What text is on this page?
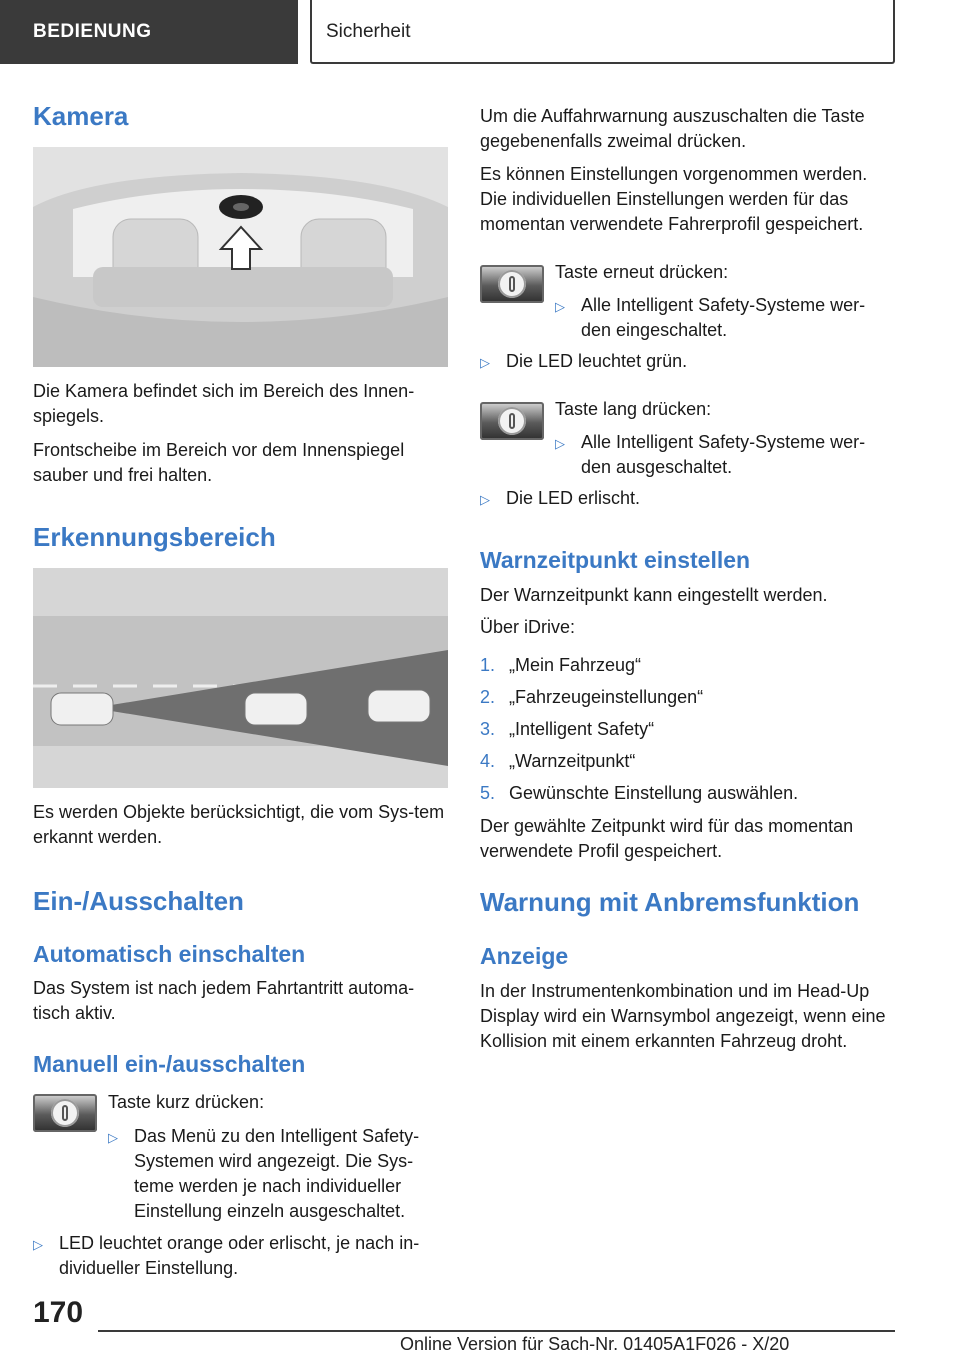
BEDIENUNG	Sicherheit
Kamera

Die Kamera befindet sich im Bereich des Innen-spiegels.

Frontscheibe im Bereich vor dem Innenspiegel sauber und frei halten.

Erkennungsbereich

Es werden Objekte berücksichtigt, die vom Sys-tem erkannt werden.

Ein-/Ausschalten
Automatisch einschalten

Das System ist nach jedem Fahrtantritt automa-tisch aktiv.

Manuell ein-/ausschalten

Taste kurz drücken:

▷ Das Menü zu den Intelligent Safety-Systemen wird angezeigt. Die Sys-teme werden je nach individueller Einstellung einzeln ausgeschaltet.
▷ LED leuchtet orange oder erlischt, je nach in-dividueller Einstellung.

Um die Auffahrwarnung auszuschalten die Taste gegebenenfalls zweimal drücken.

Es können Einstellungen vorgenommen werden. Die individuellen Einstellungen werden für das momentan verwendete Fahrerprofil gespeichert.

Taste erneut drücken:

▷ Alle Intelligent Safety-Systeme wer-den eingeschaltet.
▷ Die LED leuchtet grün.

Taste lang drücken:

▷ Alle Intelligent Safety-Systeme wer-den ausgeschaltet.
▷ Die LED erlischt.
Warnzeitpunkt einstellen

Der Warnzeitpunkt kann eingestellt werden.

Über iDrive:

1. „Mein Fahrzeug“
2. „Fahrzeugeinstellungen“
3. „Intelligent Safety“
4. „Warnzeitpunkt“
5. Gewünschte Einstellung auswählen.

Der gewählte Zeitpunkt wird für das momentan verwendete Profil gespeichert.

Warnung mit Anbremsfunktion
Anzeige

In der Instrumentenkombination und im Head-Up Display wird ein Warnsymbol angezeigt, wenn eine Kollision mit einem erkannten Fahrzeug droht.

170
Online Version für Sach-Nr. 01405A1F026 - X/20
